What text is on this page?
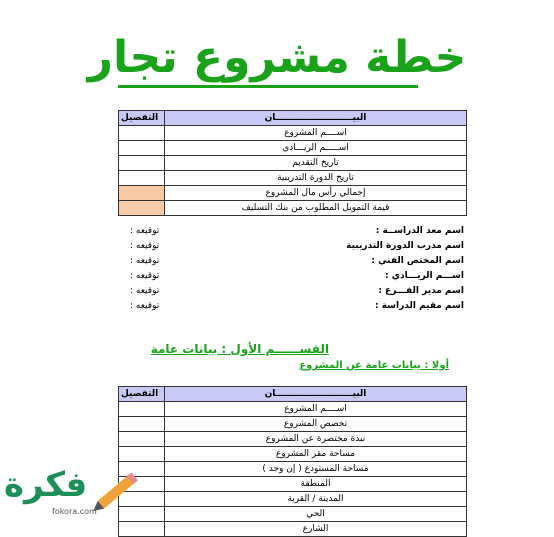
خطة مشروع تجار
التفصيل	البيـــــــــــــــــــــــــان
	اســــم المشروع
	اســـــم الريـــادي
	تاريخ التقديم
	تاريخ الدورة التدريبية
	إجمالي رأس مال المشروع
	قيمة التمويل المطلوب من بنك التسليف
توقيعه :	اسم معد الدراســة :
توقيعه :	اسم مدرب الدورة التدريبية
توقيعه :	اسم المختص الفني :
توقيعه :	اســـم الريـــادي :
توقيعه :	اسم مدير الفـــرع :
توقيعه :	اسم مقيم الدراسة :
القســــــم الأول : بيانات عامة
أولا : بيانات عامة عن المشروع
التفصيل	البيـــــــــــــــــــــــــان
	اســــم المشروع
	تخصص المشروع
	نبذة مختصرة عن المشروع
	مساحة مقر المشروع
	مساحة المستودع ( إن وجد )
	المنطقة
	المدينة / القرية
	الحي
	الشارع
فكرة
fokora.com
